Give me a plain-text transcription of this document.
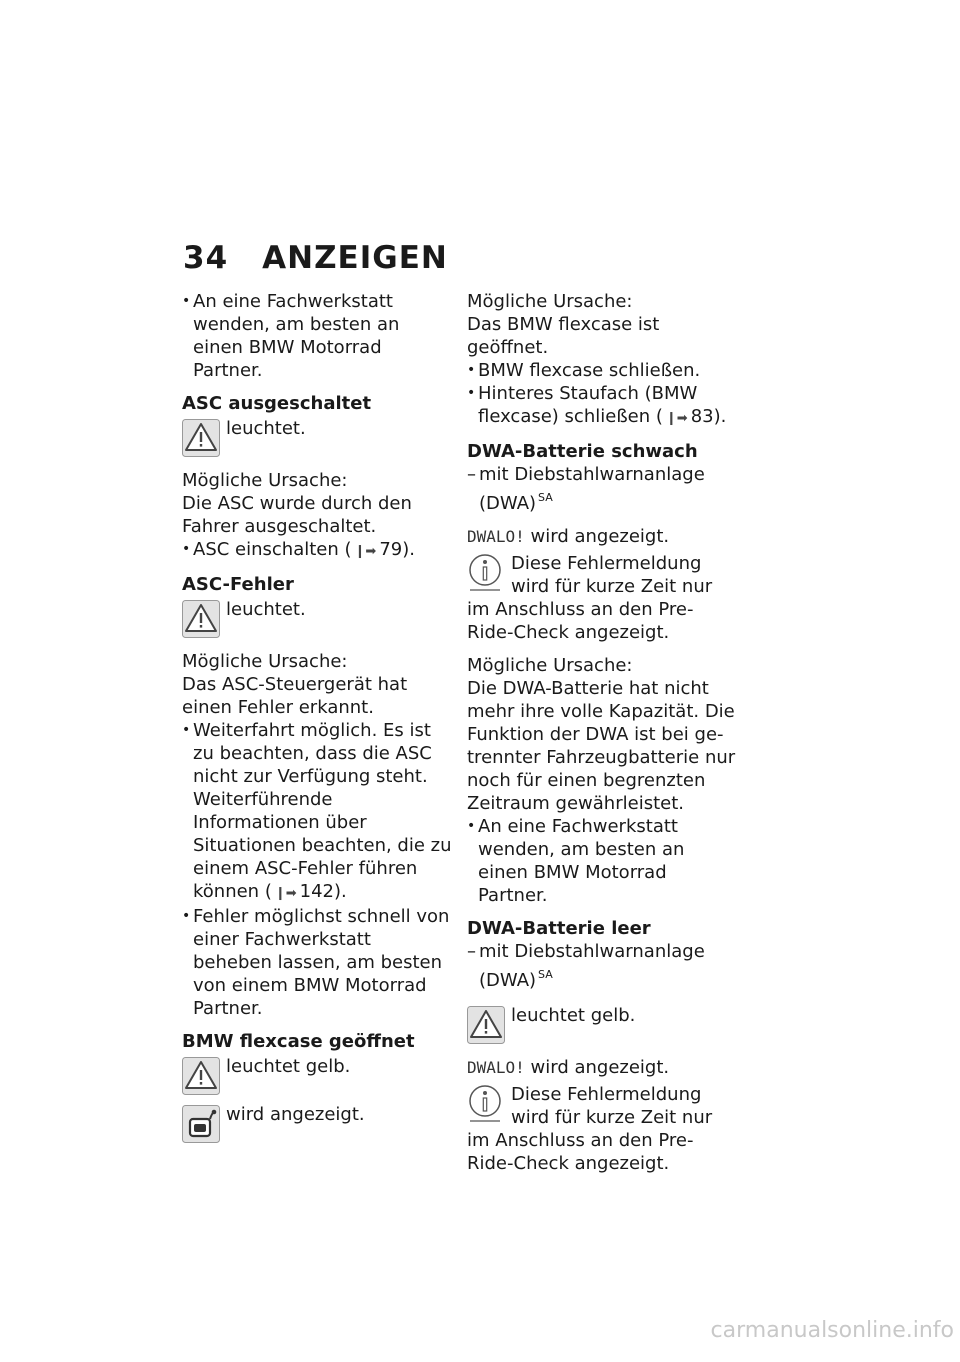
34 ANZEIGEN

• An eine Fachwerkstatt wenden, am besten an einen BMW Motorrad Partner.

ASC ausgeschaltet

leuchtet.

Mögliche Ursache:

Die ASC wurde durch den Fahrer ausgeschaltet.

• ASC einschalten ( ❙➡ 79).

ASC-Fehler

leuchtet.

Mögliche Ursache:

Das ASC-Steuergerät hat einen Fehler erkannt.

• Weiterfahrt möglich. Es ist zu beachten, dass die ASC nicht zur Verfügung steht. Weiterführende Informationen über Situationen beachten, die zu einem ASC-Fehler führen können ( ❙➡ 142).

• Fehler möglichst schnell von einer Fachwerkstatt beheben lassen, am besten von einem BMW Motorrad Partner.

BMW flexcase geöffnet

leuchtet gelb.

wird angezeigt.

Mögliche Ursache:

Das BMW flexcase ist geöffnet.

• BMW flexcase schließen.

• Hinteres Staufach (BMW flexcase) schließen ( ❙➡ 83).

DWA-Batterie schwach

– mit Diebstahlwarnanlage (DWA) $^{SA}$

DWALO! wird angezeigt.

Diese Fehlermeldung wird für kurze Zeit nur im Anschluss an den Pre-Ride-Check angezeigt.

Mögliche Ursache:

Die DWA-Batterie hat nicht mehr ihre volle Kapazität. Die Funktion der DWA ist bei getrennter Fahrzeugbatterie nur noch für einen begrenzten Zeitraum gewährleistet.

• An eine Fachwerkstatt wenden, am besten an einen BMW Motorrad Partner.

DWA-Batterie leer

– mit Diebstahlwarnanlage (DWA) $^{SA}$

leuchtet gelb.

DWALO! wird angezeigt.

Diese Fehlermeldung wird für kurze Zeit nur im Anschluss an den Pre-Ride-Check angezeigt.

carmanualsonline.info
